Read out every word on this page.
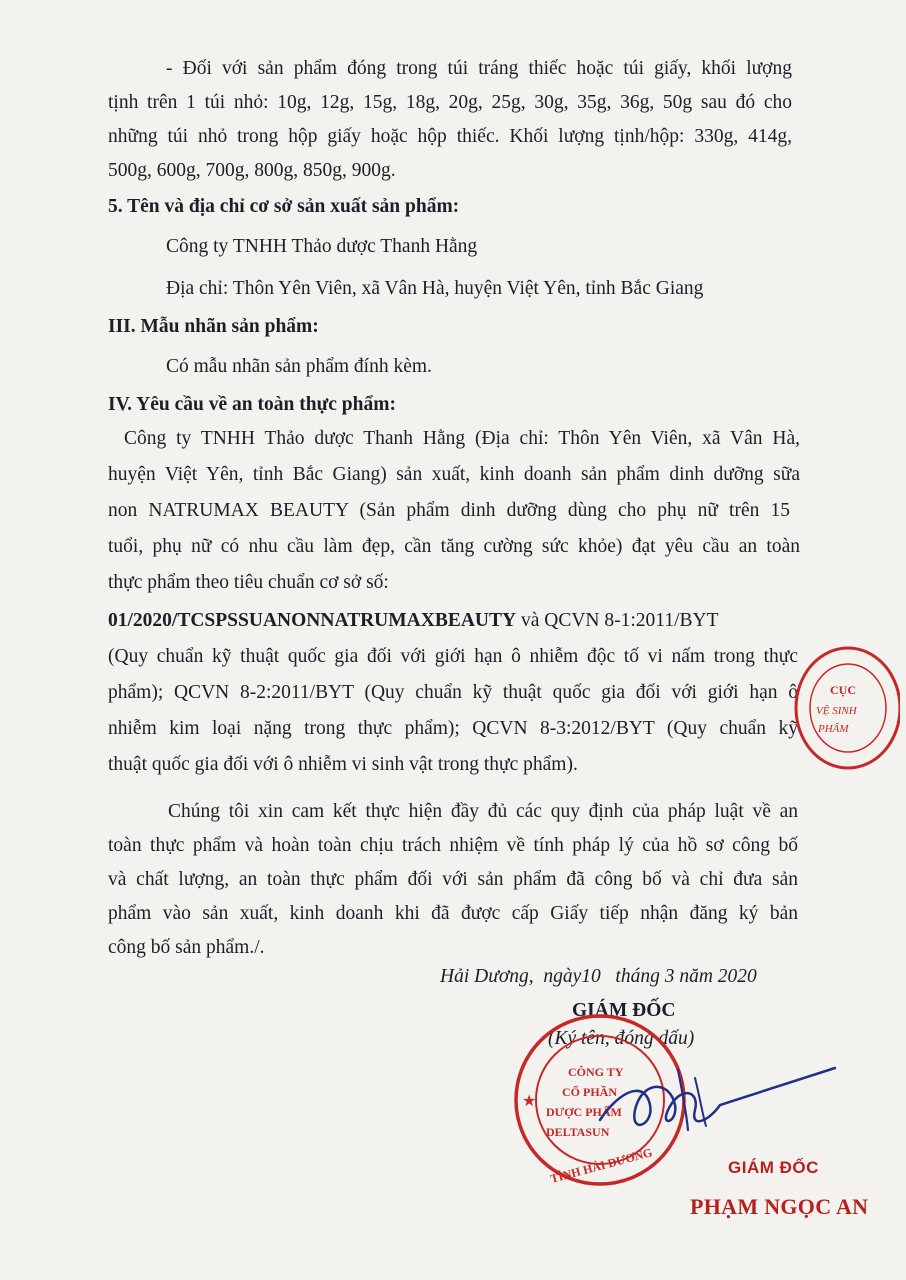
- Đối với sản phẩm đóng trong túi tráng thiếc hoặc túi giấy, khối lượng

tịnh trên 1 túi nhỏ: 10g, 12g, 15g, 18g, 20g, 25g, 30g, 35g, 36g, 50g sau đó cho

những túi nhỏ trong hộp giấy hoặc hộp thiếc. Khối lượng tịnh/hộp: 330g, 414g,

500g, 600g, 700g, 800g, 850g, 900g.

5. Tên và địa chỉ cơ sở sản xuất sản phẩm:

Công ty TNHH Thảo dược Thanh Hằng

Địa chỉ: Thôn Yên Viên, xã Vân Hà, huyện Việt Yên, tỉnh Bắc Giang

III. Mẫu nhãn sản phẩm:

Có mẫu nhãn sản phẩm đính kèm.

IV. Yêu cầu về an toàn thực phẩm:

Công ty TNHH Thảo dược Thanh Hằng (Địa chỉ: Thôn Yên Viên, xã Vân Hà,

huyện Việt Yên, tỉnh Bắc Giang) sản xuất, kinh doanh sản phẩm dinh dưỡng sữa

non NATRUMAX BEAUTY (Sản phẩm dinh dưỡng dùng cho phụ nữ trên 15

tuổi, phụ nữ có nhu cầu làm đẹp, cần tăng cường sức khỏe) đạt yêu cầu an toàn

thực phẩm theo tiêu chuẩn cơ sở số:

01/2020/TCSPSSUANONNATRUMAXBEAUTY và QCVN 8-1:2011/BYT

(Quy chuẩn kỹ thuật quốc gia đối với giới hạn ô nhiễm độc tố vi nấm trong thực

phẩm); QCVN 8-2:2011/BYT (Quy chuẩn kỹ thuật quốc gia đối với giới hạn ô

nhiễm kim loại nặng trong thực phẩm); QCVN 8-3:2012/BYT (Quy chuẩn kỹ

thuật quốc gia đối với ô nhiễm vi sinh vật trong thực phẩm).

Chúng tôi xin cam kết thực hiện đầy đủ các quy định của pháp luật về an

toàn thực phẩm và hoàn toàn chịu trách nhiệm về tính pháp lý của hồ sơ công bố

và chất lượng, an toàn thực phẩm đối với sản phẩm đã công bố và chỉ đưa sản

phẩm vào sản xuất, kinh doanh khi đã được cấp Giấy tiếp nhận đăng ký bản

công bố sản phẩm./.

Hải Dương,  ngày10   tháng 3 năm 2020

GIÁM ĐỐC

(Ký tên, đóng dấu)

CỤC
VỆ SINH
PHẨM
CÔNG TY
CỔ PHẦN
DƯỢC PHẨM
DELTASUN
TỈNH HẢI DƯƠNG
★
GIÁM ĐỐC
PHẠM NGỌC AN
